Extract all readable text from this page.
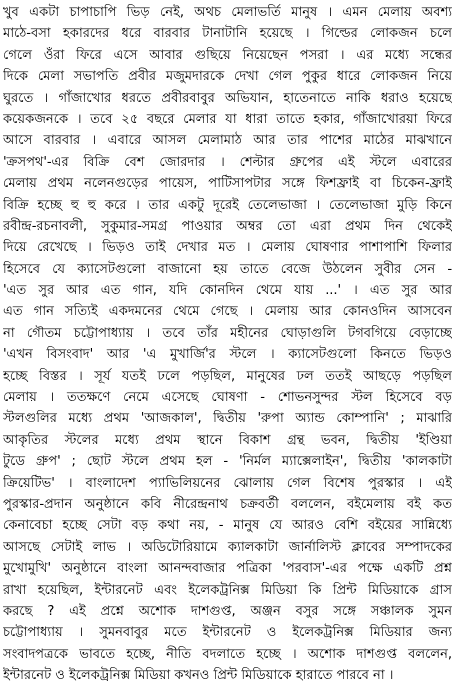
খুব একটা চাপাচাপি ভিড় নেই, অথচ মেলাভর্তি মানুষ । এমন মেলায় অবশ্য
মাঠে-বসা হকারদের ধরে বারবার টানাটানি হয়েছে । গিল্ডের লোকজন চলে
গেলে ওঁরা ফিরে এসে আবার গুছিয়ে নিয়েছেন পসরা । এর মধ্যে সন্ধের
দিকে মেলা সভাপতি প্রবীর মজুমদারকে দেখা গেল পুকুর ধারে লোকজন নিয়ে
ঘুরতে । গাঁজাখোর ধরতে প্রবীরবাবুর অভিযান, হাতেনাতে নাকি ধরাও হয়েছে
কয়েকজনকে । তবে ২৫ বছরে মেলার যা ধারা তাতে হকার, গাঁজাখোরয়া ফিরে
আসে বারবার । এবারে আসল মেলামাঠ আর তার পাশের মাঠের মাঝখানে
'ক্রসপথ'-এর বিক্রি বেশ জোরদার । শেল্টার গ্রুপের এই স্টলে এবারের
মেলায় প্রথম নলেনগুড়ের পায়েস, পাটিসাপটার সঙ্গে ফিশফ্রাই বা চিকেন-ফ্রাই
বিক্রি হচ্ছে হু হু করে । তার একটু দূরেই তেলেভাজা । তেলেভাজা মুড়ি কিনে
রবীন্দ্র-রচনাবলী, সুকুমার-সমগ্র পাওয়ার অম্বর তো এরা প্রথম দিন থেকেই
দিয়ে রেখেছে । ভিড়ও তাই দেখার মত । মেলায় ঘোষণার পাশাপাশি ফিলার
হিসেবে যে ক্যাসেটগুলো বাজানো হয় তাতে বেজে উঠলেন সুবীর সেন -
'এত সুর আর এত গান, যদি কোনদিন থেমে যায় ...' । এত সুর আর
এত গান সত্যিই একদমনের থেমে গেছে । মেলায় আর কোনওদিন আসবেন
না গৌতম চট্টোপাধ্যায় । তবে তাঁর মহীনের ঘোড়াগুলি টগবগিয়ে বেড়াচ্ছে
'এখন বিসংবাদ' আর 'এ মুখার্জি'র স্টলে । ক্যাসেটগুলো কিনতে ভিড়ও
হচ্ছে বিস্তর । সূর্য যতই ঢলে পড়ছিল, মানুষের ঢল ততই আছড়ে পড়ছিল
মেলায় । ততক্ষণে নেমে এসেছে ঘোষণা - শোভনসুন্দর স্টল হিসেবে বড়
স্টলগুলির মধ্যে প্রথম 'আজকাল', দ্বিতীয় 'রুপা অ্যান্ড কোম্পানি' ; মাঝারি
আকৃতির স্টলের মধ্যে প্রথম স্থানে বিকাশ গ্রন্থ ভবন, দ্বিতীয় 'ইণ্ডিয়া
টুডে গ্রুপ' ; ছোট স্টলে প্রথম হল - 'নির্মল ম্যাক্সেলাইন', দ্বিতীয় 'কালকাটা
ক্রিয়েটিভ' । বাংলাদেশ প্যাভিলিয়নের ঝোলায় গেল বিশেষ পুরস্কার । এই
পুরস্কার-প্রদান অনুষ্ঠানে কবি নীরেন্দ্রনাথ চক্রবর্তী বললেন, বইমেলায় বই কত
কেনাবেচা হচ্ছে সেটা বড় কথা নয়, - মানুষ যে আরও বেশি বইয়ের সান্নিধ্যে
আসছে সেটাই লাভ । অডিটোরিয়ামে ক্যালকাটা জার্নালিস্ট ক্লাবের সম্পাদকের
মুখোমুখি' অনুষ্ঠানে বাংলা আনন্দবাজার পত্রিকা 'পরবাস'-এর পক্ষে একটি প্রশ্ন
রাখা হয়েছিল, ইন্টারনেট এবং ইলেকট্রনিক্স মিডিয়া কি প্রিন্ট মিডিয়াকে গ্রাস
করছে ? এই প্রশ্নে অশোক দাশগুপ্ত, অঞ্জন বসুর সঙ্গে সঞ্চালক সুমন
চট্টোপাধ্যায় । সুমনবাবুর মতে ইন্টারনেট ও ইলেকট্রনিক্স মিডিয়ার জন্য
সংবাদপত্রকে ভাবতে হচ্ছে, নীতি বদলাতে হচ্ছে । অশোক দাশগুপ্ত বললেন,
ইন্টারনেট ও ইলেকট্রনিক্স মিডিয়া কখনও প্রিন্ট মিডিয়াকে হারাতে পারবে না ।
